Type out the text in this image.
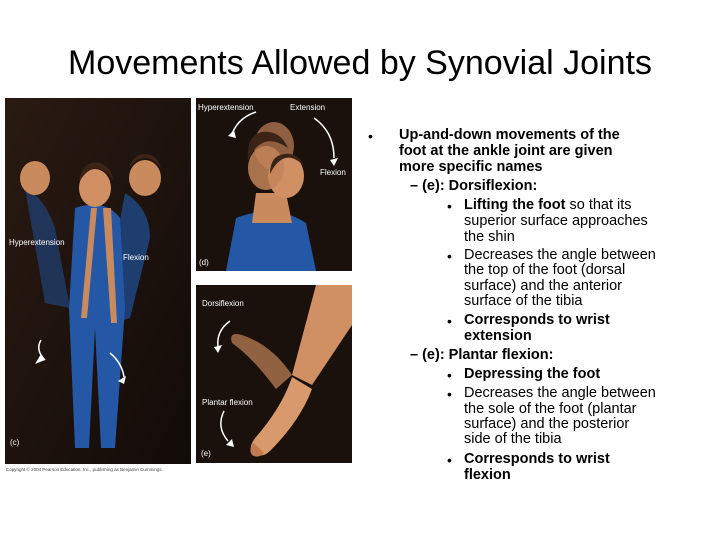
Movements Allowed by Synovial Joints
Hyperextension
Flexion
(c)
Hyperextension	Extension
Flexion
(d)
Dorsiflexion
Plantar flexion
(e)
Copyright © 2004 Pearson Education, Inc., publishing as Benjamin Cummings.
• Up-and-down movements of the
foot at the ankle joint are given
more specific names
– (e): Dorsiflexion:
• Lifting the foot so that its
superior surface approaches
the shin
• Decreases the angle between
the top of the foot (dorsal
surface) and the anterior
surface of the tibia
• Corresponds to wrist
extension
– (e): Plantar flexion:
• Depressing the foot
• Decreases the angle between
the sole of the foot (plantar
surface) and the posterior
side of the tibia
• Corresponds to wrist
flexion
